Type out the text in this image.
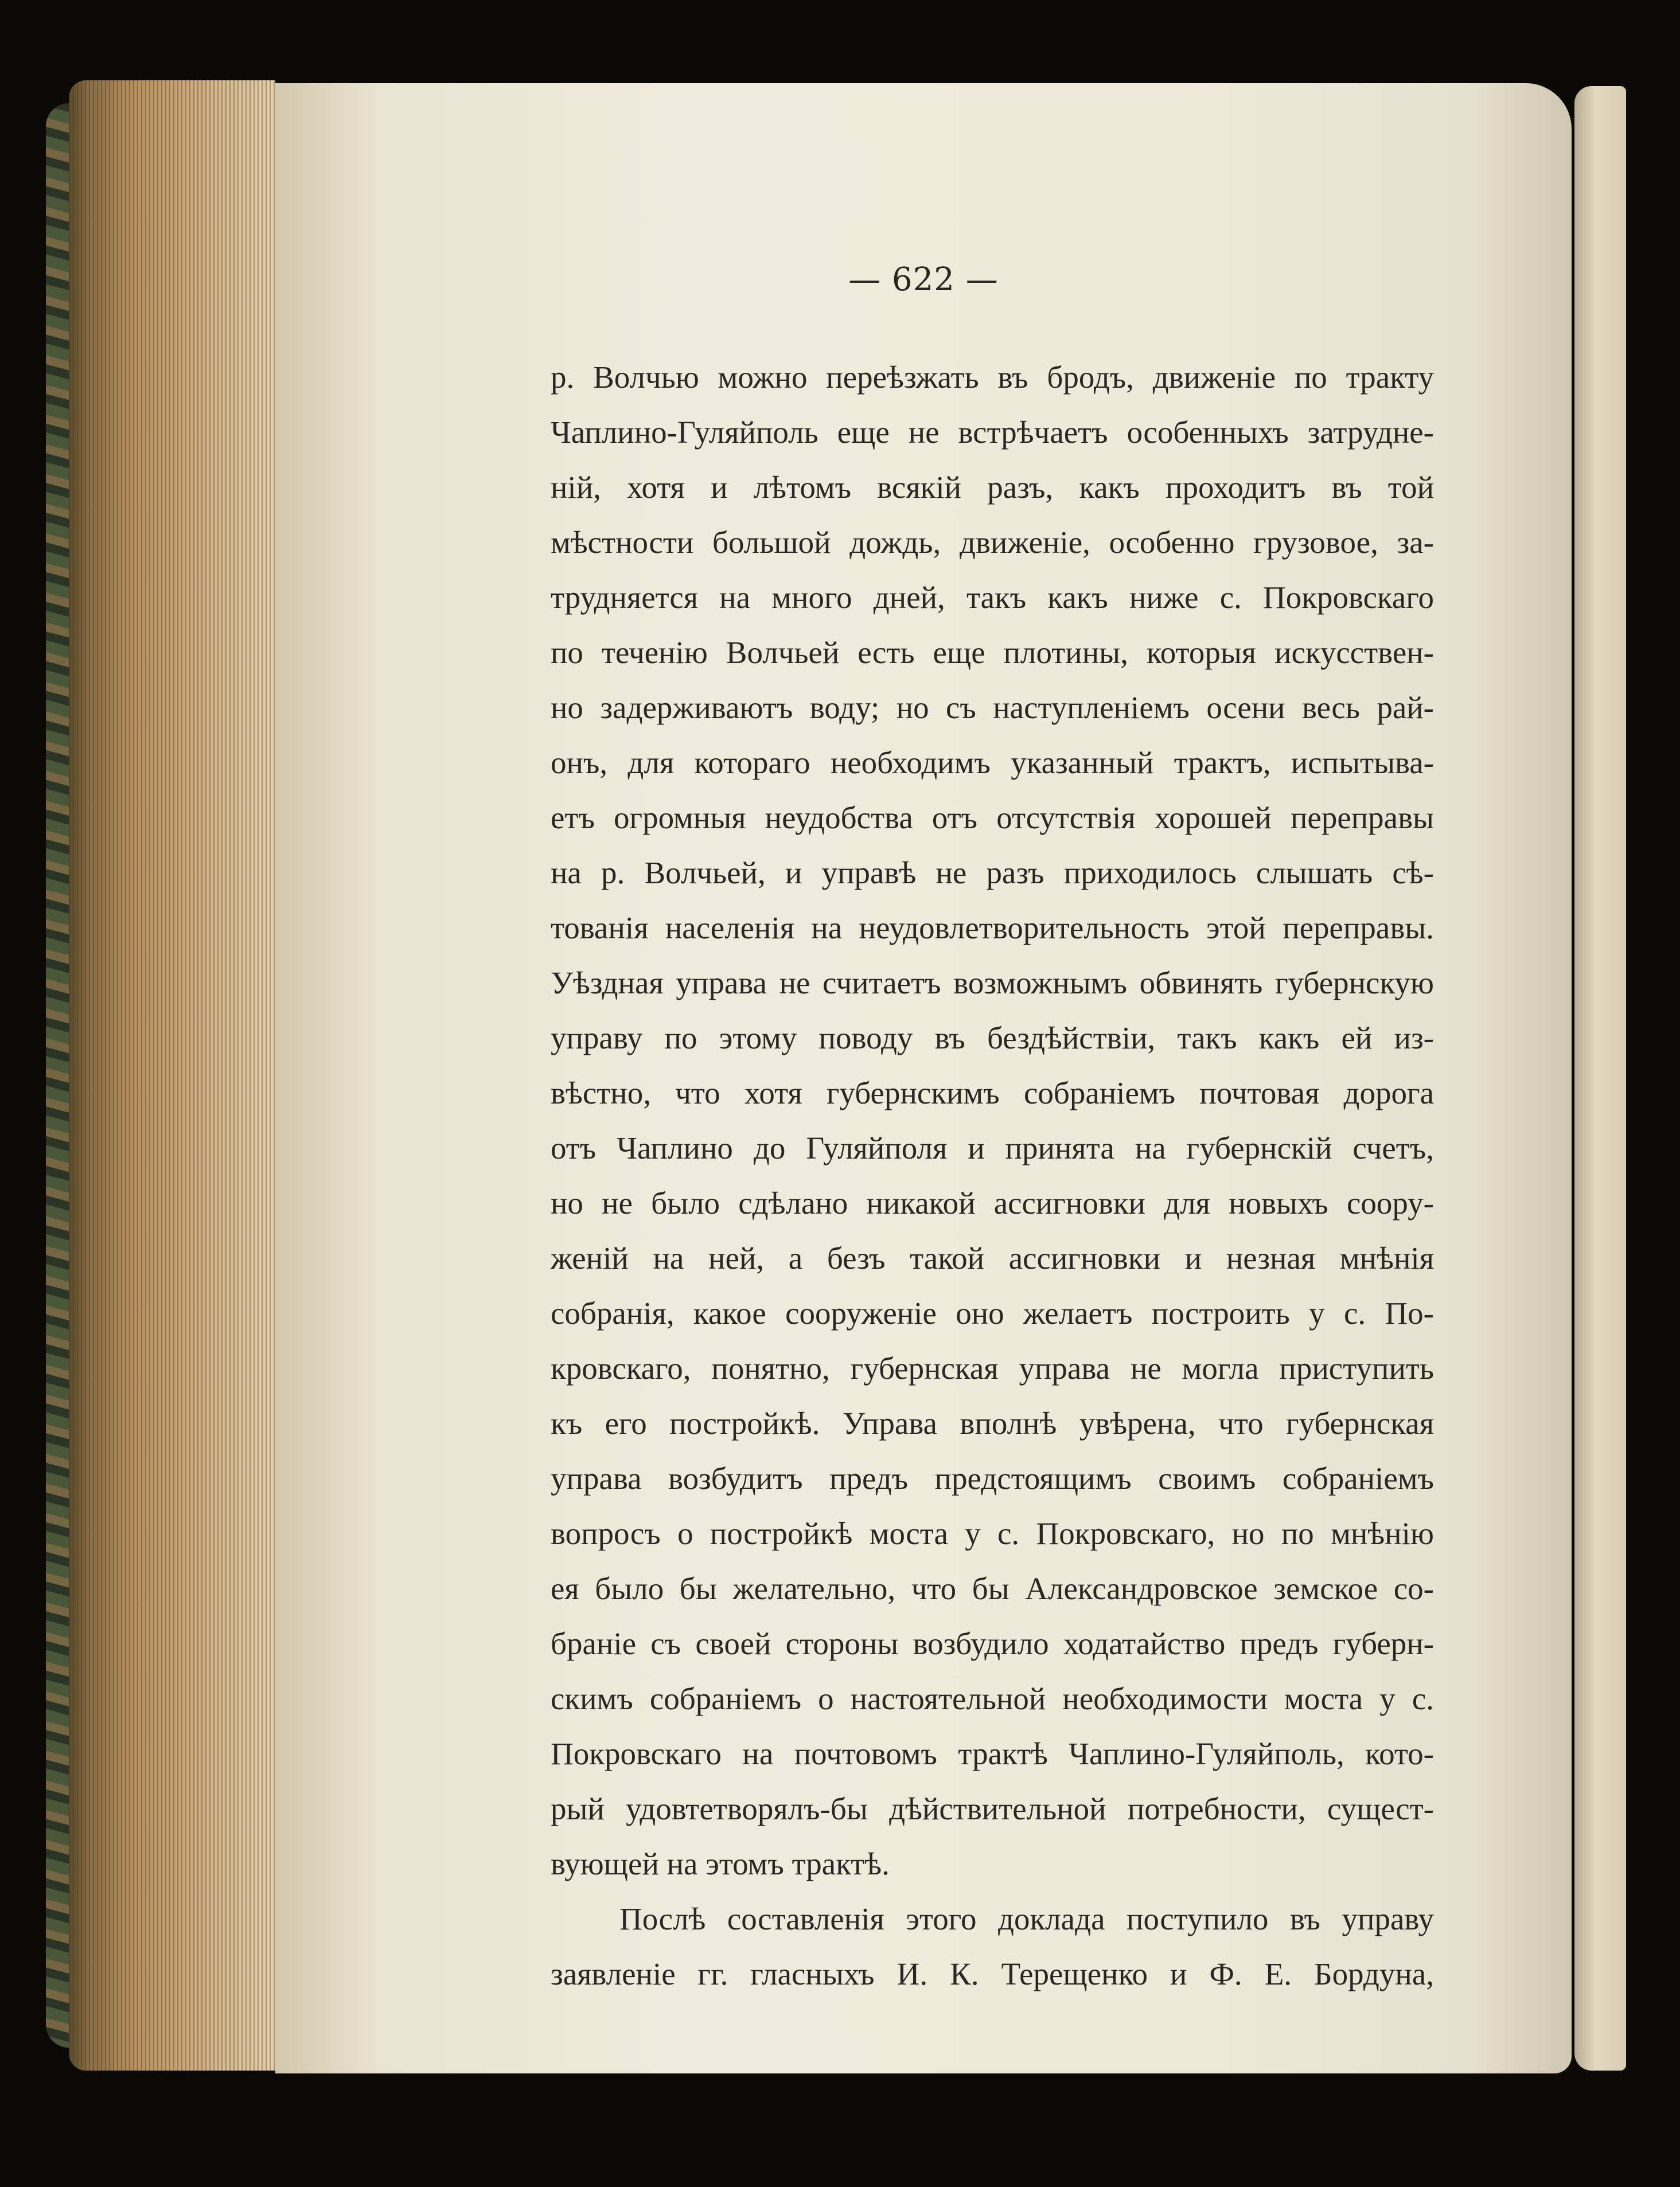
— 622 —
р. Волчью можно переѣзжать въ бродъ, движенiе по тракту
Чаплино-Гуляйполь еще не встрѣчаетъ особенныхъ затрудне-
нiй, хотя и лѣтомъ всякiй разъ, какъ проходитъ въ той
мѣстности большой дождь, движенiе, особенно грузовое, за-
трудняется на много дней, такъ какъ ниже с. Покровскаго
по теченiю Волчьей есть еще плотины, которыя искусствен-
но задерживаютъ воду; но съ наступленiемъ осени весь рай-
онъ, для котораго необходимъ указанный трактъ, испытыва-
етъ огромныя неудобства отъ отсутствiя хорошей переправы
на р. Волчьей, и управѣ не разъ приходилось слышать сѣ-
тованiя населенiя на неудовлетворительность этой переправы.
Уѣздная управа не считаетъ возможнымъ обвинять губернскую
управу по этому поводу въ бездѣйствiи, такъ какъ ей из-
вѣстно, что хотя губернскимъ собранiемъ почтовая дорога
отъ Чаплино до Гуляйполя и принята на губернскiй счетъ,
но не было сдѣлано никакой ассигновки для новыхъ соору-
женiй на ней, а безъ такой ассигновки и незная мнѣнiя
собранiя, какое сооруженiе оно желаетъ построить у с. По-
кровскаго, понятно, губернская управа не могла приступить
къ его постройкѣ. Управа вполнѣ увѣрена, что губернская
управа возбудитъ предъ предстоящимъ своимъ собранiемъ
вопросъ о постройкѣ моста у с. Покровскаго, но по мнѣнiю
ея было бы желательно, что бы Александровское земское со-
бранiе съ своей стороны возбудило ходатайство предъ губерн-
скимъ собранiемъ о настоятельной необходимости моста у с.
Покровскаго на почтовомъ трактѣ Чаплино-Гуляйполь, кото-
рый удовтетворялъ-бы дѣйствительной потребности, сущест-
вующей на этомъ трактѣ.
Послѣ составленiя этого доклада поступило въ управу
заявленiе гг. гласныхъ И. К. Терещенко и Ф. Е. Бордуна,
